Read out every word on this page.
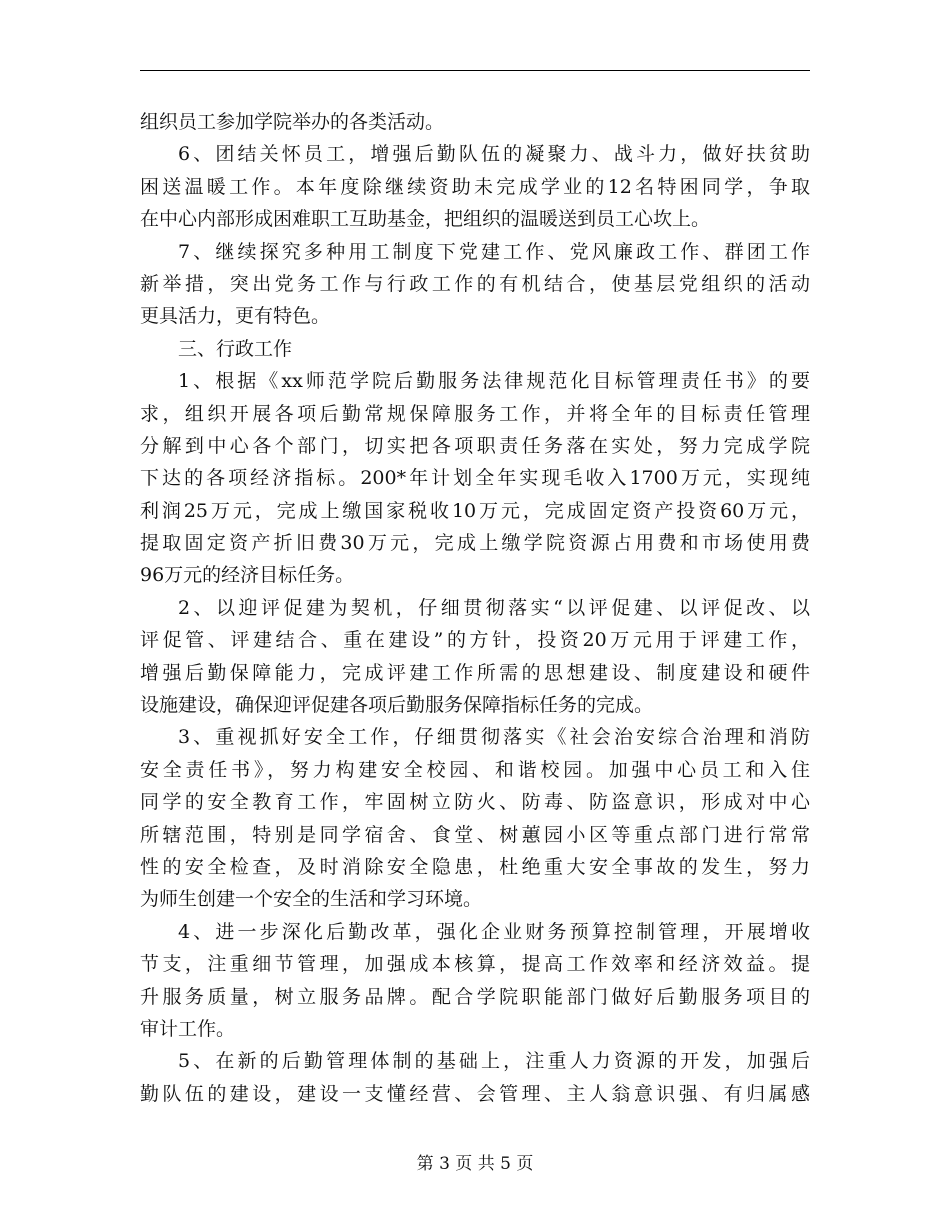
组织员工参加学院举办的各类活动。
6、团结关怀员工，增强后勤队伍的凝聚力、战斗力，做好扶贫助
困送温暖工作。本年度除继续资助未完成学业的12名特困同学，争取
在中心内部形成困难职工互助基金，把组织的温暖送到员工心坎上。
7、继续探究多种用工制度下党建工作、党风廉政工作、群团工作
新举措，突出党务工作与行政工作的有机结合，使基层党组织的活动
更具活力，更有特色。
三、行政工作
1、根据《xx师范学院后勤服务法律规范化目标管理责任书》的要
求，组织开展各项后勤常规保障服务工作，并将全年的目标责任管理
分解到中心各个部门，切实把各项职责任务落在实处，努力完成学院
下达的各项经济指标。200*年计划全年实现毛收入1700万元，实现纯
利润25万元，完成上缴国家税收10万元，完成固定资产投资60万元，
提取固定资产折旧费30万元，完成上缴学院资源占用费和市场使用费
96万元的经济目标任务。
2、以迎评促建为契机，仔细贯彻落实“以评促建、以评促改、以
评促管、评建结合、重在建设”的方针，投资20万元用于评建工作，
增强后勤保障能力，完成评建工作所需的思想建设、制度建设和硬件
设施建设，确保迎评促建各项后勤服务保障指标任务的完成。
3、重视抓好安全工作，仔细贯彻落实《社会治安综合治理和消防
安全责任书》，努力构建安全校园、和谐校园。加强中心员工和入住
同学的安全教育工作，牢固树立防火、防毒、防盗意识，形成对中心
所辖范围，特别是同学宿舍、食堂、树蕙园小区等重点部门进行常常
性的安全检查，及时消除安全隐患，杜绝重大安全事故的发生，努力
为师生创建一个安全的生活和学习环境。
4、进一步深化后勤改革，强化企业财务预算控制管理，开展增收
节支，注重细节管理，加强成本核算，提高工作效率和经济效益。提
升服务质量，树立服务品牌。配合学院职能部门做好后勤服务项目的
审计工作。
5、在新的后勤管理体制的基础上，注重人力资源的开发，加强后
勤队伍的建设，建设一支懂经营、会管理、主人翁意识强、有归属感
第 3 页 共 5 页
